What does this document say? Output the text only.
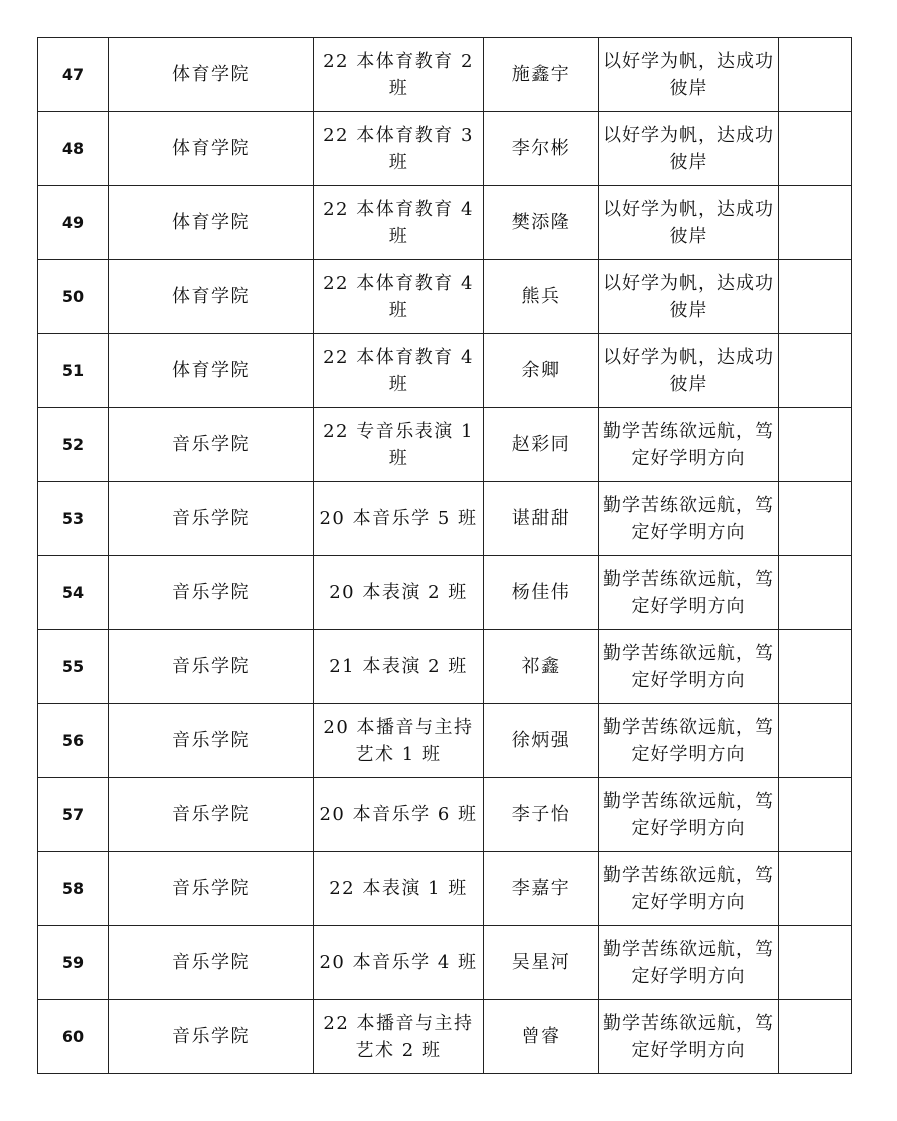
47	体育学院	22 本体育教育 2 班	施鑫宇	以好学为帆，达成功彼岸	
48	体育学院	22 本体育教育 3 班	李尔彬	以好学为帆，达成功彼岸	
49	体育学院	22 本体育教育 4 班	樊添隆	以好学为帆，达成功彼岸	
50	体育学院	22 本体育教育 4 班	熊兵	以好学为帆，达成功彼岸	
51	体育学院	22 本体育教育 4 班	余卿	以好学为帆，达成功彼岸	
52	音乐学院	22 专音乐表演 1 班	赵彩同	勤学苦练欲远航，笃定好学明方向	
53	音乐学院	20 本音乐学 5 班	谌甜甜	勤学苦练欲远航，笃定好学明方向	
54	音乐学院	20 本表演 2 班	杨佳伟	勤学苦练欲远航，笃定好学明方向	
55	音乐学院	21 本表演 2 班	祁鑫	勤学苦练欲远航，笃定好学明方向	
56	音乐学院	20 本播音与主持艺术 1 班	徐炳强	勤学苦练欲远航，笃定好学明方向	
57	音乐学院	20 本音乐学 6 班	李子怡	勤学苦练欲远航，笃定好学明方向	
58	音乐学院	22 本表演 1 班	李嘉宇	勤学苦练欲远航，笃定好学明方向	
59	音乐学院	20 本音乐学 4 班	吴星河	勤学苦练欲远航，笃定好学明方向	
60	音乐学院	22 本播音与主持艺术 2 班	曾睿	勤学苦练欲远航，笃定好学明方向	
